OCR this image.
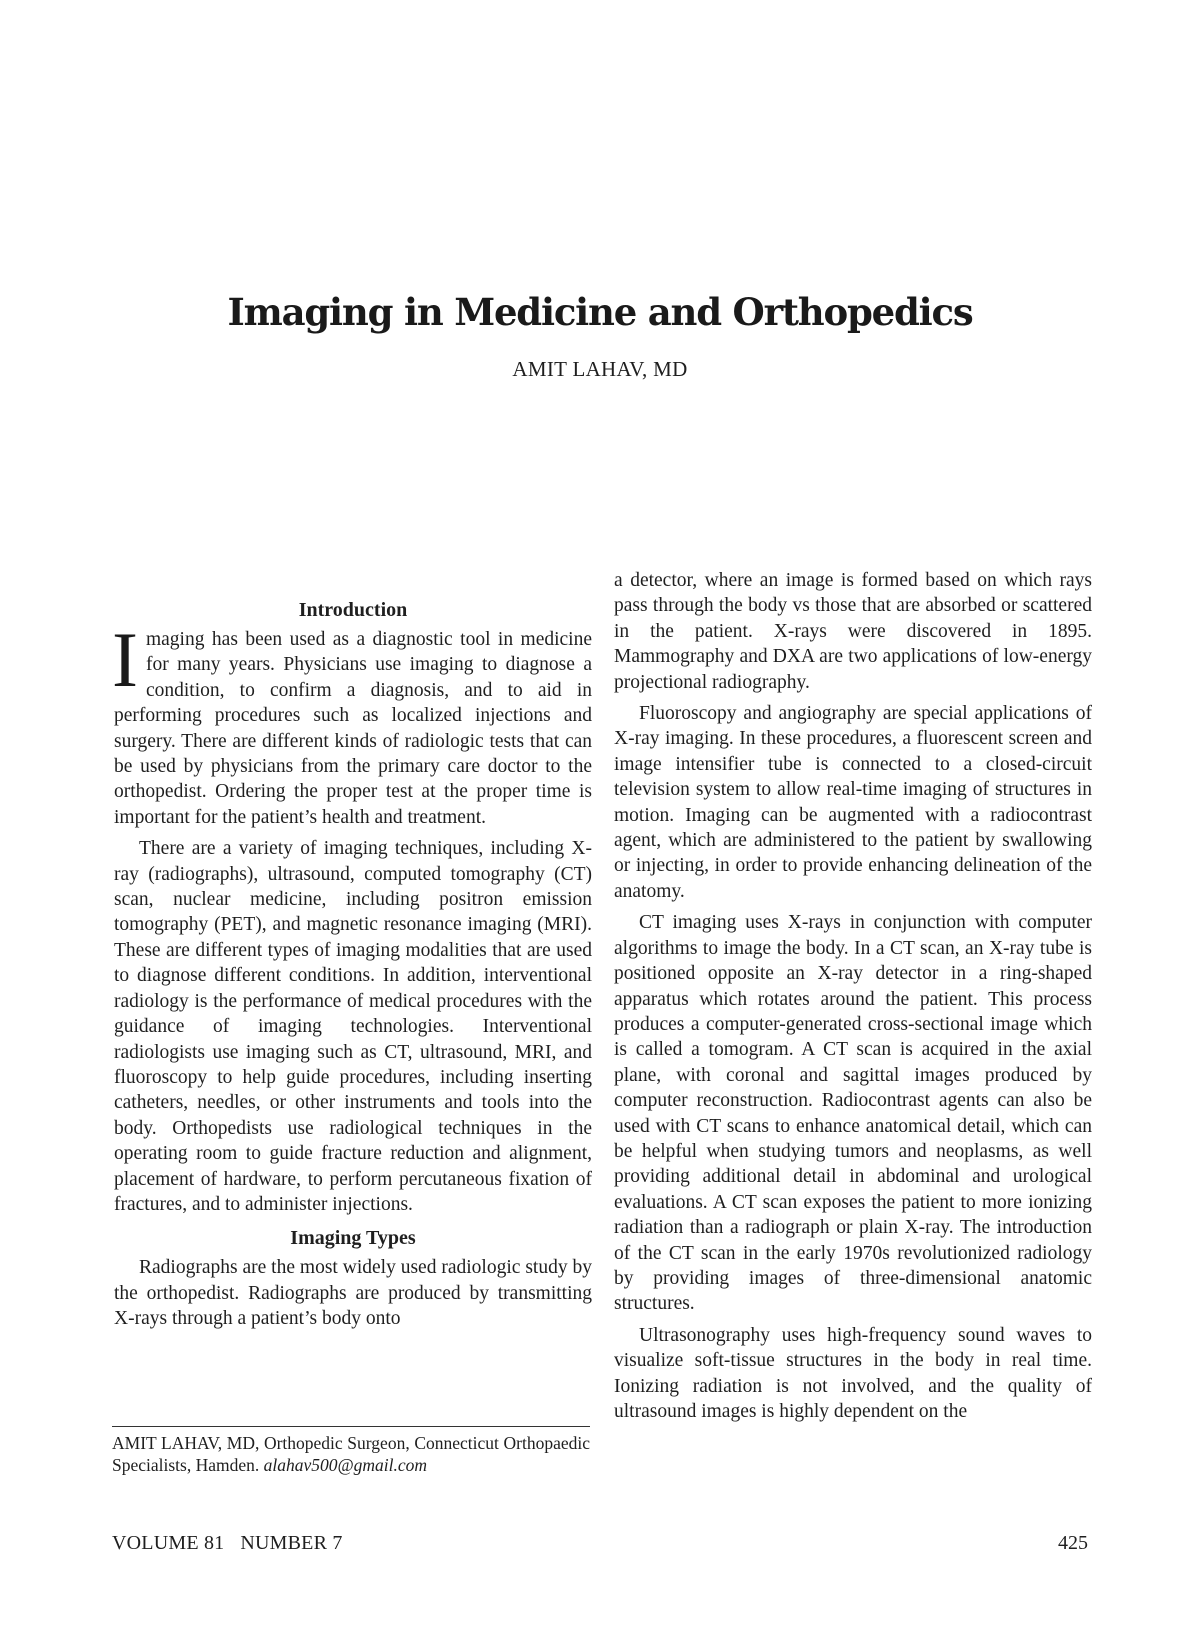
Imaging in Medicine and Orthopedics
AMIT LAHAV, MD
Introduction

Imaging has been used as a diagnostic tool in medicine for many years. Physicians use imaging to diagnose a condition, to confirm a diagnosis, and to aid in performing procedures such as localized injections and surgery. There are different kinds of radiologic tests that can be used by physicians from the primary care doctor to the orthopedist. Ordering the proper test at the proper time is important for the patient’s health and treatment.

There are a variety of imaging techniques, including X-ray (radiographs), ultrasound, computed tomography (CT) scan, nuclear medicine, including positron emission tomography (PET), and magnetic resonance imaging (MRI). These are different types of imaging modalities that are used to diagnose different conditions. In addition, interventional radiology is the performance of medical procedures with the guidance of imaging technologies. Interventional radiologists use imaging such as CT, ultrasound, MRI, and fluoroscopy to help guide procedures, including inserting catheters, needles, or other instruments and tools into the body. Orthopedists use radiological techniques in the operating room to guide fracture reduction and alignment, placement of hardware, to perform percutaneous fixation of fractures, and to administer injections.

Imaging Types

Radiographs are the most widely used radiologic study by the orthopedist. Radiographs are produced by transmitting X-rays through a patient’s body onto

a detector, where an image is formed based on which rays pass through the body vs those that are absorbed or scattered in the patient. X-rays were discovered in 1895. Mammography and DXA are two applications of low-energy projectional radiography.

Fluoroscopy and angiography are special applications of X-ray imaging. In these procedures, a fluorescent screen and image intensifier tube is connected to a closed-circuit television system to allow real-time imaging of structures in motion. Imaging can be augmented with a radiocontrast agent, which are administered to the patient by swallowing or injecting, in order to provide enhancing delineation of the anatomy.

CT imaging uses X-rays in conjunction with computer algorithms to image the body. In a CT scan, an X-ray tube is positioned opposite an X-ray detector in a ring-shaped apparatus which rotates around the patient. This process produces a computer-generated cross-sectional image which is called a tomogram. A CT scan is acquired in the axial plane, with coronal and sagittal images produced by computer reconstruction. Radiocontrast agents can also be used with CT scans to enhance anatomical detail, which can be helpful when studying tumors and neoplasms, as well providing additional detail in abdominal and urological evaluations. A CT scan exposes the patient to more ionizing radiation than a radiograph or plain X-ray. The introduction of the CT scan in the early 1970s revolutionized radiology by providing images of three-dimensional anatomic structures.

Ultrasonography uses high-frequency sound waves to visualize soft-tissue structures in the body in real time. Ionizing radiation is not involved, and the quality of ultrasound images is highly dependent on the

AMIT LAHAV, MD, Orthopedic Surgeon, Connecticut Orthopaedic Specialists, Hamden. alahav500@gmail.com
VOLUME 81 NUMBER 7	425
